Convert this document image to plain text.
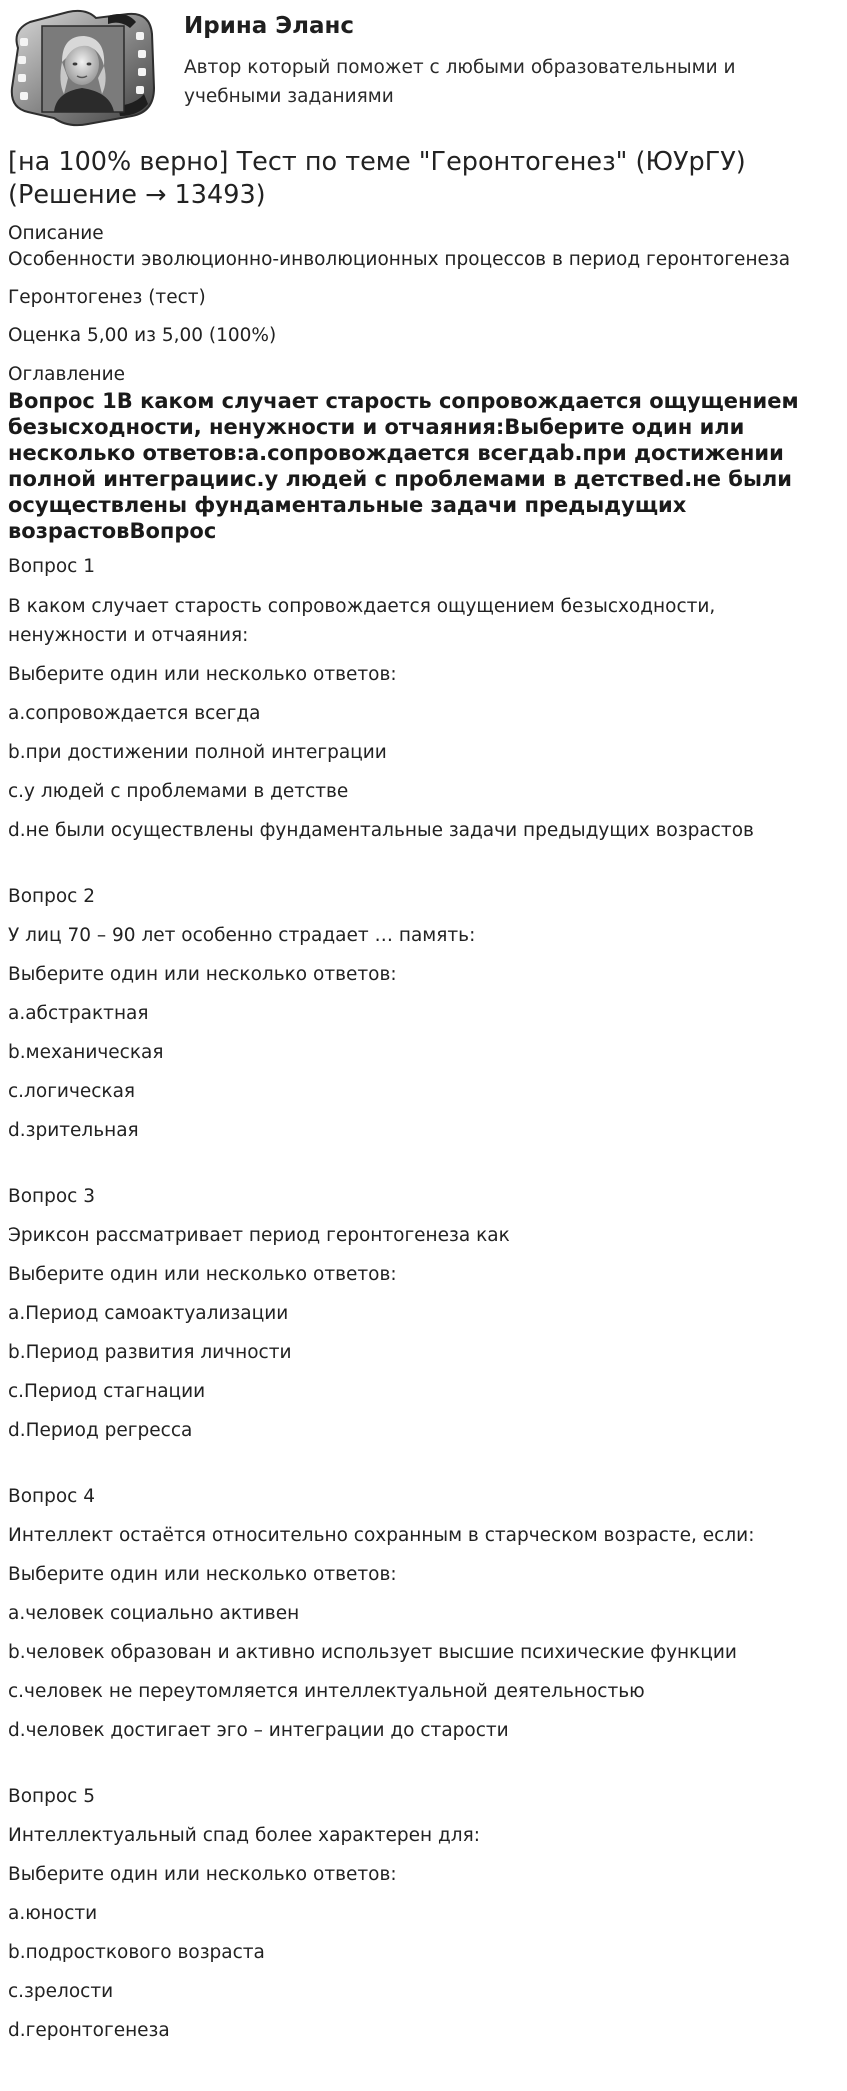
Ирина Эланс

Автор который поможет с любыми образовательными и учебными заданиями

[на 100% верно] Тест по теме "Геронтогенез" (ЮУрГУ) (Решение → 13493)

Описание

Особенности эволюционно-инволюционных процессов в период геронтогенеза

Геронтогенез (тест)

Оценка 5,00 из 5,00 (100%)

Оглавление

Вопрос 1В каком случает старость сопровождается ощущением безысходности, ненужности и отчаяния:Выберите один или несколько ответов:a.сопровождается всегдаb.при достижении полной интеграциис.у людей с проблемами в детствеd.не были осуществлены фундаментальные задачи предыдущих возрастовВопрос

Вопрос 1

В каком случает старость сопровождается ощущением безысходности, ненужности и отчаяния:

Выберите один или несколько ответов:

a.сопровождается всегда

b.при достижении полной интеграции

с.у людей с проблемами в детстве

d.не были осуществлены фундаментальные задачи предыдущих возрастов

Вопрос 2

У лиц 70 – 90 лет особенно страдает … память:

Выберите один или несколько ответов:

a.абстрактная

b.механическая

c.логическая

d.зрительная

Вопрос 3

Эриксон рассматривает период геронтогенеза как

Выберите один или несколько ответов:

a.Период самоактуализации

b.Период развития личности

c.Период стагнации

d.Период регресса

Вопрос 4

Интеллект остаётся относительно сохранным в старческом возрасте, если:

Выберите один или несколько ответов:

a.человек социально активен

b.человек образован и активно использует высшие психические функции

c.человек не переутомляется интеллектуальной деятельностью

d.человек достигает эго – интеграции до старости

Вопрос 5

Интеллектуальный спад более характерен для:

Выберите один или несколько ответов:

a.юности

b.подросткового возраста

c.зрелости

d.геронтогенеза
